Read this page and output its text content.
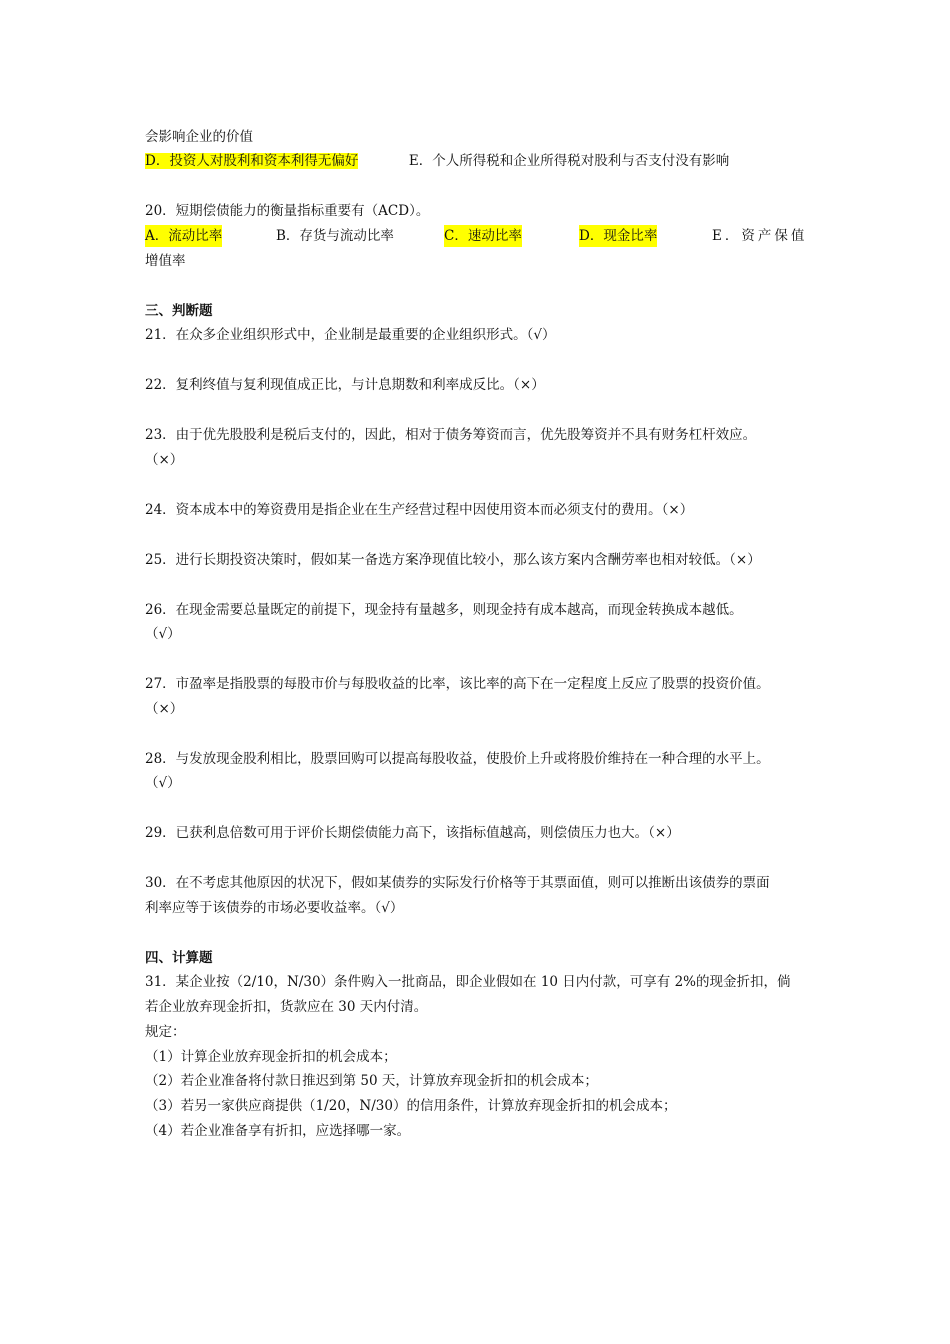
会影响企业的价值
D．投资人对股利和资本利得无偏好	E．个人所得税和企业所得税对股利与否支付没有影响
20．短期偿债能力的衡量指标重要有（ACD）。
A．流动比率	B．存货与流动比率	C．速动比率	D．现金比率	E．资产保值
增值率
三、判断题
21．在众多企业组织形式中，企业制是最重要的企业组织形式。（√）
22．复利终值与复利现值成正比，与计息期数和利率成反比。（×）
23．由于优先股股利是税后支付的，因此，相对于债务筹资而言，优先股筹资并不具有财务杠杆效应。
（×）
24．资本成本中的筹资费用是指企业在生产经营过程中因使用资本而必须支付的费用。（×）
25．进行长期投资决策时，假如某一备选方案净现值比较小，那么该方案内含酬劳率也相对较低。（×）
26．在现金需要总量既定的前提下，现金持有量越多，则现金持有成本越高，而现金转换成本越低。
（√）
27．市盈率是指股票的每股市价与每股收益的比率，该比率的高下在一定程度上反应了股票的投资价值。
（×）
28．与发放现金股利相比，股票回购可以提高每股收益，使股价上升或将股价维持在一种合理的水平上。
（√）
29．已获利息倍数可用于评价长期偿债能力高下，该指标值越高，则偿债压力也大。（×）
30．在不考虑其他原因的状况下，假如某债券的实际发行价格等于其票面值，则可以推断出该债券的票面
利率应等于该债券的市场必要收益率。（√）
四、计算题
31．某企业按（2/10，N/30）条件购入一批商品，即企业假如在 10 日内付款，可享有 2%的现金折扣，倘
若企业放弃现金折扣，货款应在 30 天内付清。
规定：
（1）计算企业放弃现金折扣的机会成本；
（2）若企业准备将付款日推迟到第 50 天，计算放弃现金折扣的机会成本；
（3）若另一家供应商提供（1/20，N/30）的信用条件，计算放弃现金折扣的机会成本；
（4）若企业准备享有折扣，应选择哪一家。
